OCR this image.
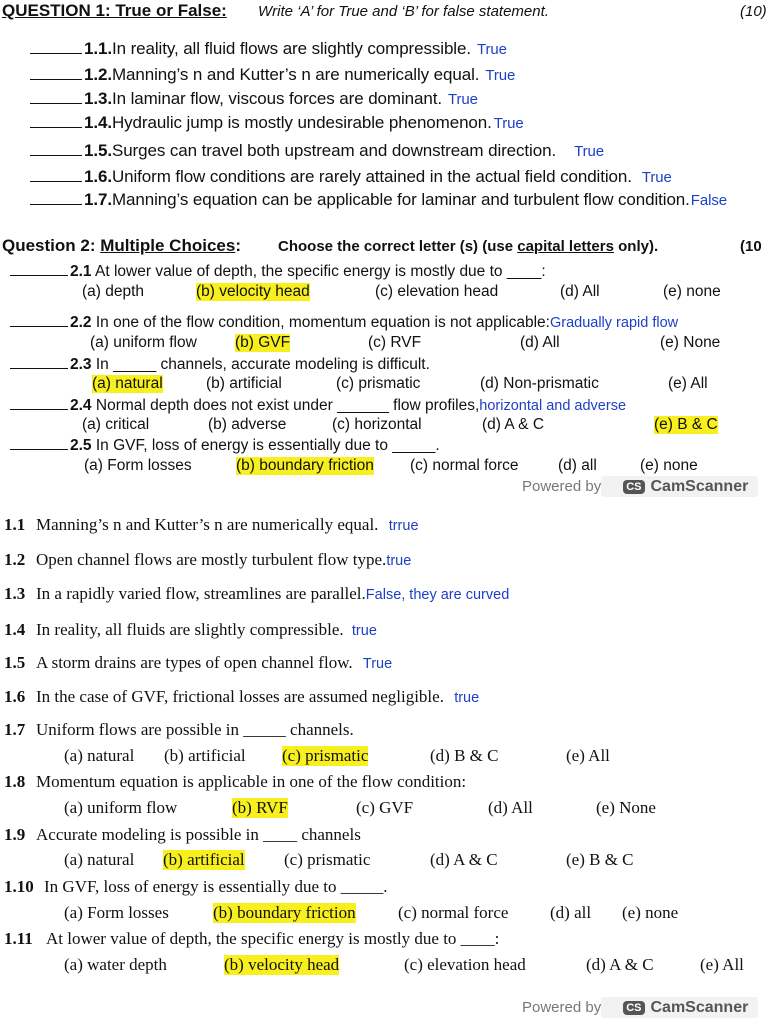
QUESTION 1: True or False: Write ‘A’ for True and ‘B’ for false statement.	(10)
1.1.In reality, all fluid flows are slightly compressible. True
1.2.Manning’s n and Kutter’s n are numerically equal. True
1.3.In laminar flow, viscous forces are dominant. True
1.4.Hydraulic jump is mostly undesirable phenomenon. True
1.5.Surges can travel both upstream and downstream direction. True
1.6.Uniform flow conditions are rarely attained in the actual field condition. True
1.7.Manning’s equation can be applicable for laminar and turbulent flow condition.False
Question 2: Multiple Choices: Choose the correct letter (s) (use capital letters only).	(10
2.1 At lower value of depth, the specific energy is mostly due to ____:
(a) depth	(b) velocity head	(c) elevation head	(d) All	(e) none
2.2 In one of the flow condition, momentum equation is not applicable:Gradually rapid flow
(a) uniform flow (b) GVF	(c) RVF	(d) All	(e) None
2.3 In _____ channels, accurate modeling is difficult.
(a) natural	(b) artificial	(c) prismatic	(d) Non-prismatic	(e) All
2.4 Normal depth does not exist under ______ flow profiles,horizontal and adverse
(a) critical	(b) adverse	(c) horizontal	(d) A & C	(e) B & C
2.5 In GVF, loss of energy is essentially due to _____.
(a) Form losses	(b) boundary friction (c) normal force	(d) all	(e) none
Powered by CS CamScanner
1.1 Manning’s n and Kutter’s n are numerically equal. trrue
1.2 Open channel flows are mostly turbulent flow type.true
1.3 In a rapidly varied flow, streamlines are parallel.False, they are curved
1.4 In reality, all fluids are slightly compressible. true
1.5 A storm drains are types of open channel flow. True
1.6 In the case of GVF, frictional losses are assumed negligible. true
1.7 Uniform flows are possible in _____ channels.
(a) natural (b) artificial (c) prismatic	(d) B & C	(e) All
1.8 Momentum equation is applicable in one of the flow condition:
(a) uniform flow	(b) RVF	(c) GVF	(d) All	(e) None
1.9 Accurate modeling is possible in ____ channels
(a) natural (b) artificial (c) prismatic	(d) A & C	(e) B & C
1.10 In GVF, loss of energy is essentially due to _____.
(a) Form losses	(b) boundary friction (c) normal force (d) all (e) none
1.11 At lower value of depth, the specific energy is mostly due to ____:
(a) water depth	(b) velocity head	(c) elevation head	(d) A & C	(e) All
Powered by CS CamScanner
